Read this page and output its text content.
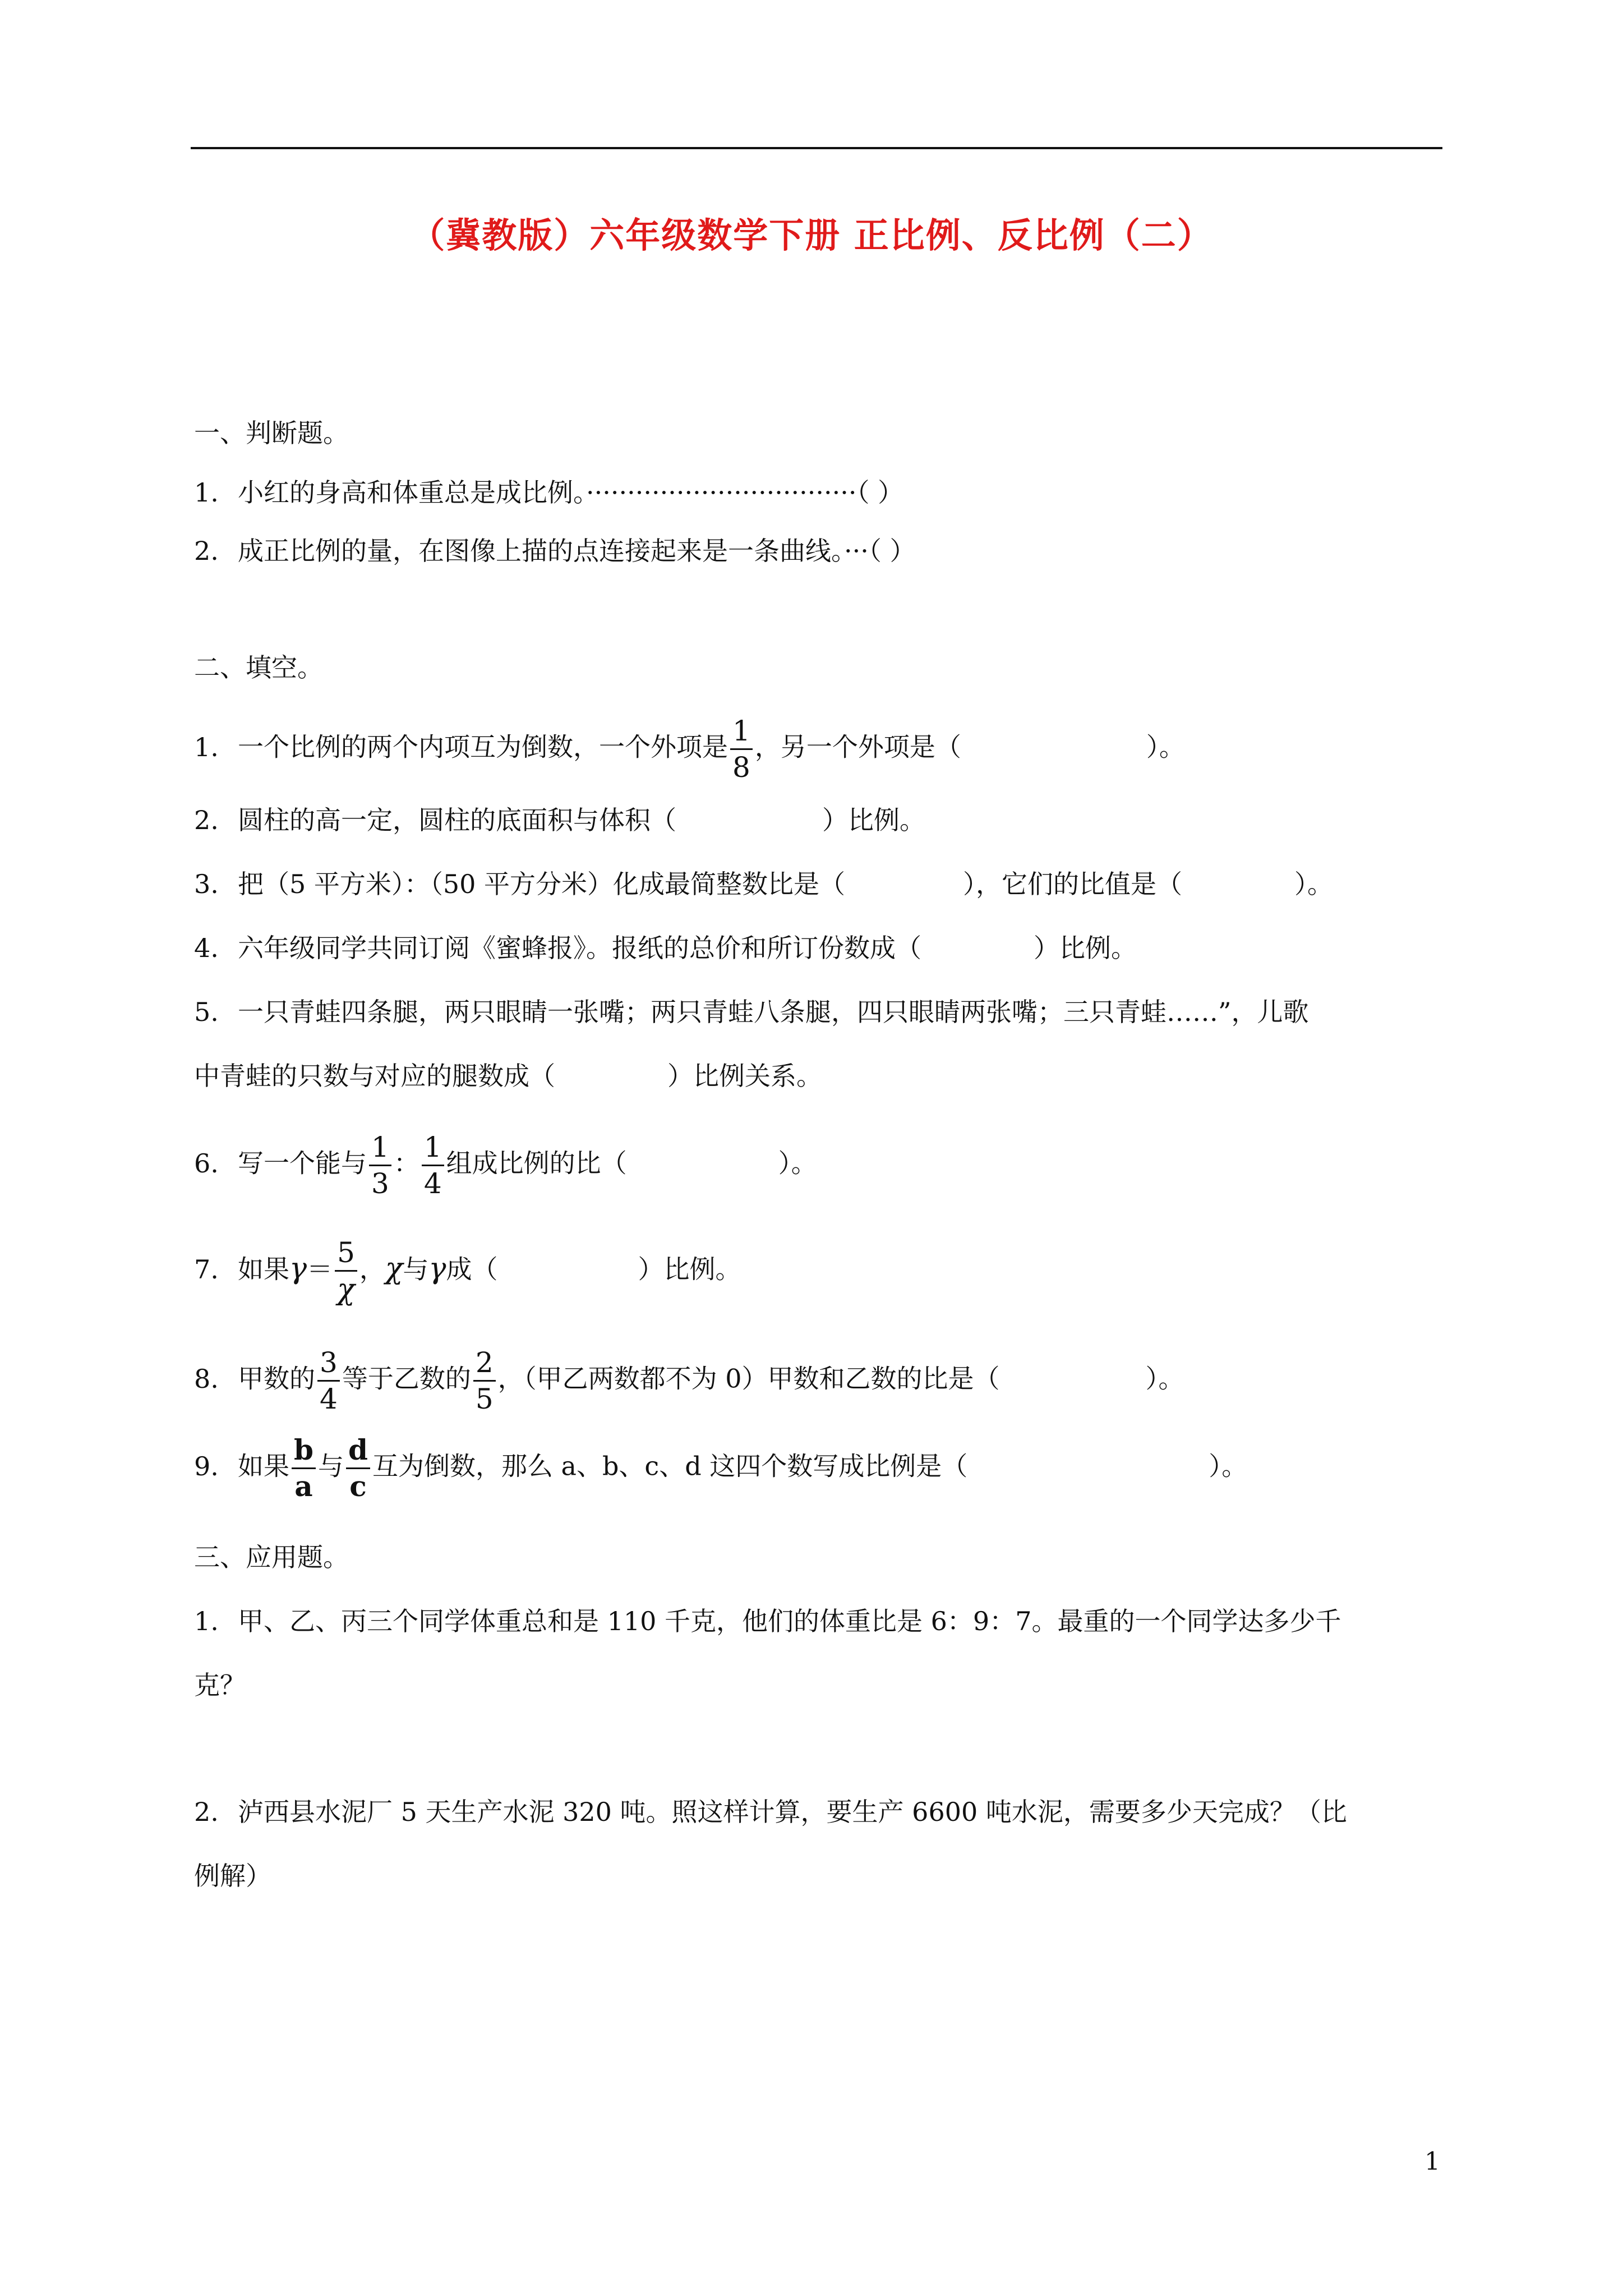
（冀教版）六年级数学下册 正比例、反比例（二）
一、判断题。
1. 小红的身高和体重总是成比例。·································（ ）
2. 成正比例的量，在图像上描的点连接起来是一条曲线。···（ ）
二、填空。
1. 一个比例的两个内项互为倒数，一个外项是 $\frac{1}{8}$ ，另一个外项是（	）。
2. 圆柱的高一定，圆柱的底面积与体积（	）比例。
3. 把（5 平方米）：（50 平方分米）化成最简整数比是（	），它们的比值是（	）。
4. 六年级同学共同订阅《蜜蜂报》。报纸的总价和所订份数成（	）比例。
5. 一只青蛙四条腿，两只眼睛一张嘴；两只青蛙八条腿，四只眼睛两张嘴；三只青蛙……”，儿歌
中青蛙的只数与对应的腿数成（	）比例关系。
6. 写一个能与 $\frac{1}{3}$ ： $\frac{1}{4}$ 组成比例的比（	）。
7. 如果$\gamma= \frac{5}{\chi}$ ，χ与γ成（	）比例。
8. 甲数的 $\frac{3}{4}$ 等于乙数的 $\frac{2}{5}$ ，（甲乙两数都不为 0）甲数和乙数的比是（	）。
9. 如果 $\frac{b}{a}$ 与 $\frac{d}{c}$ 互为倒数，那么 a、b、c、d 这四个数写成比例是（	）。
三、应用题。
1. 甲、乙、丙三个同学体重总和是 110 千克，他们的体重比是 6：9：7。最重的一个同学达多少千
克？
2. 泸西县水泥厂 5 天生产水泥 320 吨。照这样计算，要生产 6600 吨水泥，需要多少天完成？（比
例解）
1
